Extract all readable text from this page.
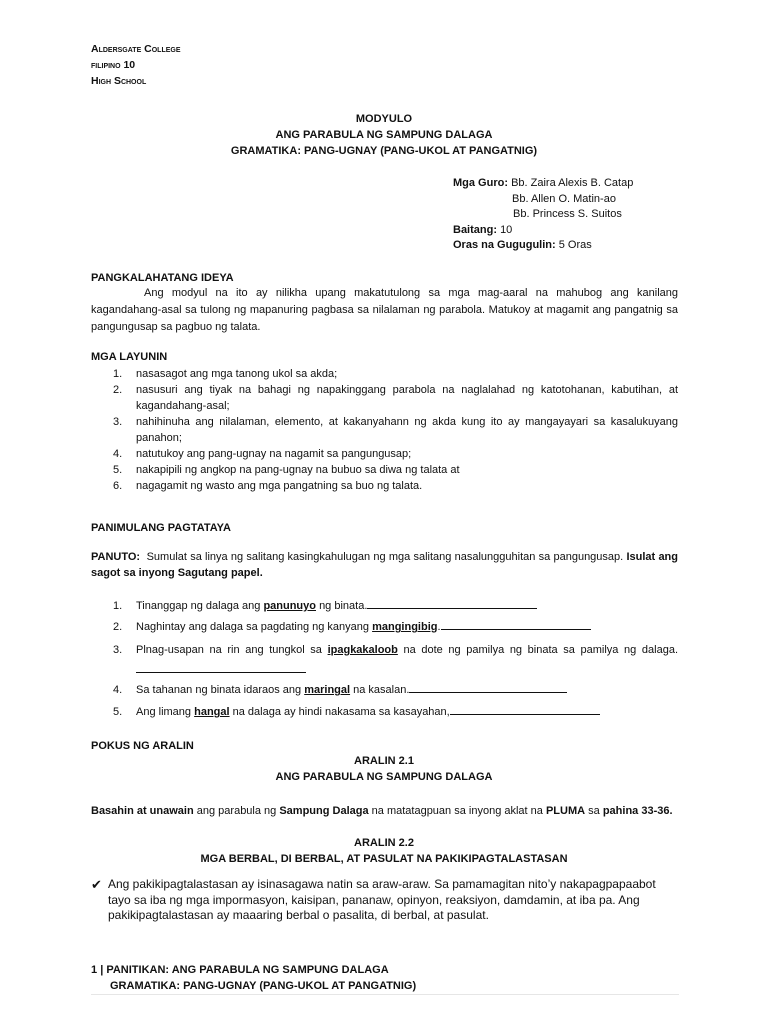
Aldersgate College
filipino 10
High School
MODYULO
ANG PARABULA NG SAMPUNG DALAGA
GRAMATIKA: PANG-UGNAY (PANG-UKOL AT PANGATNIG)
Mga Guro: Bb. Zaira Alexis B. Catap
Bb. Allen O. Matin-ao
Bb. Princess S. Suitos
Baitang: 10
Oras na Gugugulin: 5 Oras
PANGKALAHATANG IDEYA
Ang modyul na ito ay nilikha upang makatutulong sa mga mag-aaral na mahubog ang kanilang kagandahang-asal sa tulong ng mapanuring pagbasa sa nilalaman ng parabola. Matukoy at magamit ang pangatnig sa pangungusap sa pagbuo ng talata.
MGA LAYUNIN
1. nasasagot ang mga tanong ukol sa akda;
2. nasusuri ang tiyak na bahagi ng napakinggang parabola na naglalahad ng katotohanan, kabutihan, at kagandahang-asal;
3. nahihinuha ang nilalaman, elemento, at kakanyahann ng akda kung ito ay mangayayari sa kasalukuyang panahon;
4. natutukoy ang pang-ugnay na nagamit sa pangungusap;
5. nakapipili ng angkop na pang-ugnay na bubuo sa diwa ng talata at
6. nagagamit ng wasto ang mga pangatning sa buo ng talata.
PANIMULANG PAGTATAYA
PANUTO: Sumulat sa linya ng salitang kasingkahulugan ng mga salitang nasalungguhitan sa pangungusap. Isulat ang sagot sa inyong Sagutang papel.
1. Tinanggap ng dalaga ang panunuyo ng binata.
2. Naghintay ang dalaga sa pagdating ng kanyang mangingibig.
3. Plnag-usapan na rin ang tungkol sa ipagkakaloob na dote ng pamilya ng binata sa pamilya ng dalaga.
4. Sa tahanan ng binata idaraos ang maringal na kasalan.
5. Ang limang hangal na dalaga ay hindi nakasama sa kasayahan,
POKUS NG ARALIN
ARALIN 2.1
ANG PARABULA NG SAMPUNG DALAGA
Basahin at unawain ang parabula ng Sampung Dalaga na matatagpuan sa inyong aklat na PLUMA sa pahina 33-36.
ARALIN 2.2
MGA BERBAL, DI BERBAL, AT PASULAT NA PAKIKIPAGTALASTASAN
✔ Ang pakikipagtalastasan ay isinasagawa natin sa araw-araw. Sa pamamagitan nito’y nakapagpapaabot tayo sa iba ng mga impormasyon, kaisipan, pananaw, opinyon, reaksiyon, damdamin, at iba pa. Ang pakikipagtalastasan ay maaaring berbal o pasalita, di berbal, at pasulat.
1 | PANITIKAN: ANG PARABULA NG SAMPUNG DALAGA
GRAMATIKA: PANG-UGNAY (PANG-UKOL AT PANGATNIG)
